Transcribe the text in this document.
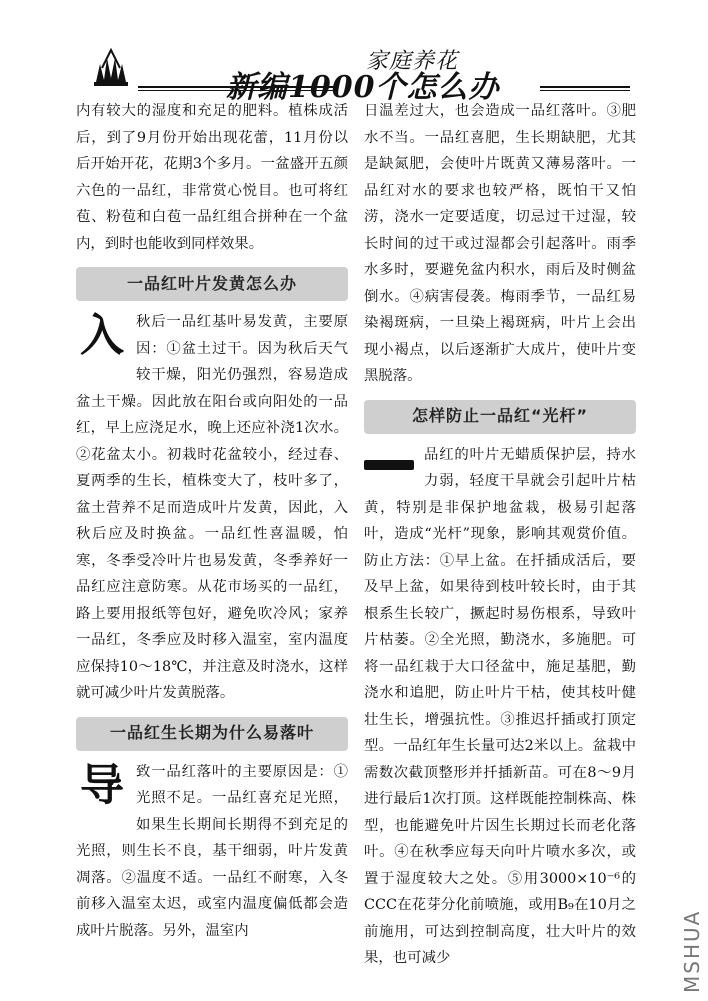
家庭养花
新编1000个怎么办

内有较大的湿度和充足的肥料。植株成活后，到了9月份开始出现花蕾，11月份以后开始开花，花期3个多月。一盆盛开五颜六色的一品红，非常赏心悦目。也可将红苞、粉苞和白苞一品红组合拼种在一个盆内，到时也能收到同样效果。

一品红叶片发黄怎么办

入秋后一品红基叶易发黄，主要原因：①盆土过干。因为秋后天气较干燥，阳光仍强烈，容易造成盆土干燥。因此放在阳台或向阳处的一品红，早上应浇足水，晚上还应补浇1次水。②花盆太小。初栽时花盆较小，经过春、夏两季的生长，植株变大了，枝叶多了，盆土营养不足而造成叶片发黄，因此，入秋后应及时换盆。一品红性喜温暖，怕寒，冬季受冷叶片也易发黄，冬季养好一品红应注意防寒。从花市场买的一品红，路上要用报纸等包好，避免吹冷风；家养一品红，冬季应及时移入温室，室内温度应保持10～18℃，并注意及时浇水，这样就可减少叶片发黄脱落。

一品红生长期为什么易落叶

导致一品红落叶的主要原因是：①光照不足。一品红喜充足光照，如果生长期间长期得不到充足的光照，则生长不良，基干细弱，叶片发黄凋落。②温度不适。一品红不耐寒，入冬前移入温室太迟，或室内温度偏低都会造成叶片脱落。另外，温室内

日温差过大，也会造成一品红落叶。③肥水不当。一品红喜肥，生长期缺肥，尤其是缺氮肥，会使叶片既黄又薄易落叶。一品红对水的要求也较严格，既怕干又怕涝，浇水一定要适度，切忌过干过湿，较长时间的过干或过湿都会引起落叶。雨季水多时，要避免盆内积水，雨后及时侧盆倒水。④病害侵袭。梅雨季节，一品红易染褐斑病，一旦染上褐斑病，叶片上会出现小褐点，以后逐渐扩大成片，使叶片变黑脱落。

怎样防止一品红“光杆”

品红的叶片无蜡质保护层，持水力弱，轻度干旱就会引起叶片枯黄，特别是非保护地盆栽，极易引起落叶，造成“光杆”现象，影响其观赏价值。防止方法：①早上盆。在扦插成活后，要及早上盆，如果待到枝叶较长时，由于其根系生长较广，撅起时易伤根系，导致叶片枯萎。②全光照，勤浇水，多施肥。可将一品红栽于大口径盆中，施足基肥，勤浇水和追肥，防止叶片干枯，使其枝叶健壮生长，增强抗性。③推迟扦插或打顶定型。一品红年生长量可达2米以上。盆栽中需数次截顶整形并扦插新苗。可在8～9月进行最后1次打顶。这样既能控制株高、株型，也能避免叶片因生长期过长而老化落叶。④在秋季应每天向叶片喷水多次，或置于湿度较大之处。⑤用3000×10⁻⁶的CCC在花芽分化前喷施，或用B₉在10月之前施用，可达到控制高度，壮大叶片的效果，也可减少	MSHUA
